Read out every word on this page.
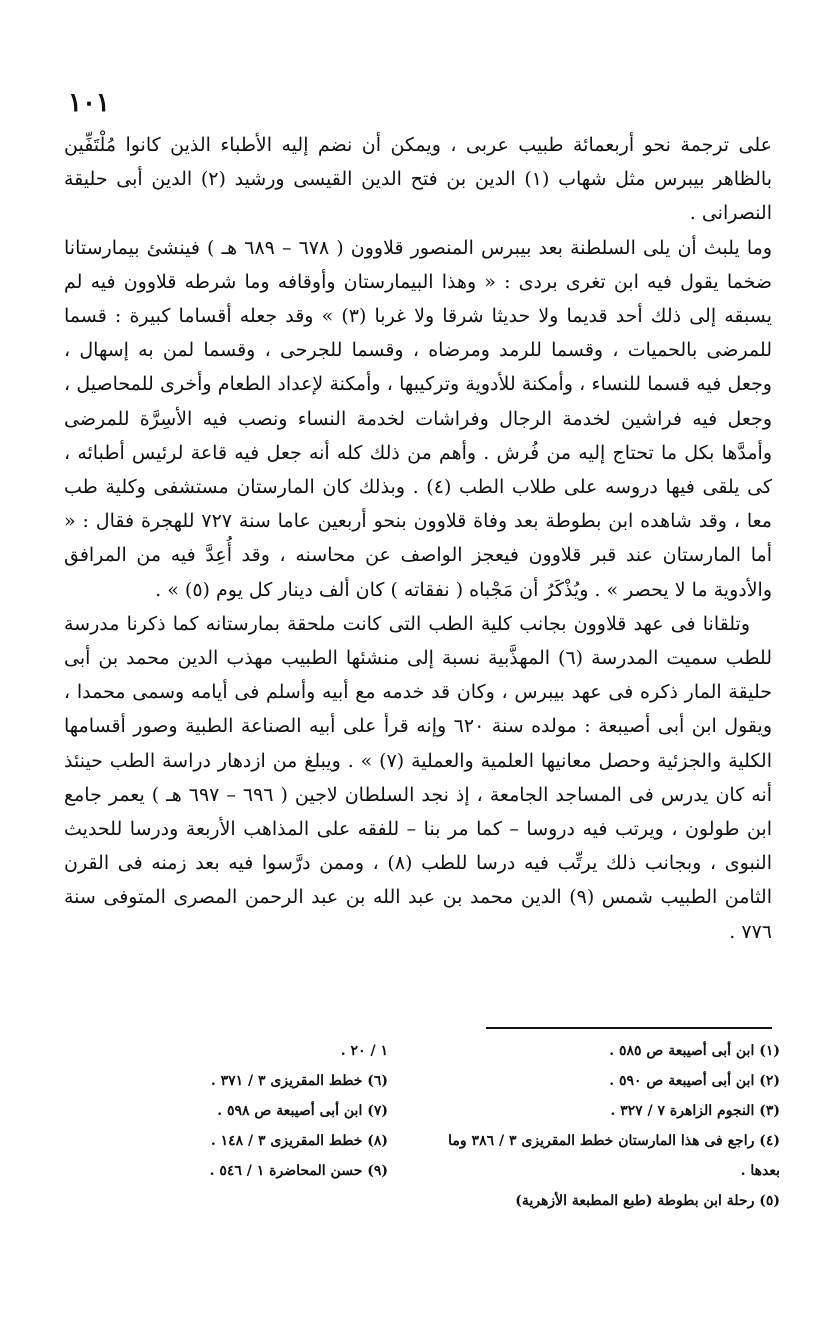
١٠١

على ترجمة نحو أربعمائة طبيب عربى ، ويمكن أن نضم إليه الأطباء الذين كانوا مُلْتَفِّين بالظاهر بيبرس مثل شهاب (١) الدين بن فتح الدين القيسى ورشيد (٢) الدين أبى حليقة النصرانى .

وما يلبث أن يلى السلطنة بعد بيبرس المنصور قلاوون ( ٦٧٨ – ٦٨٩ هـ ) فينشئ بيمارستانا ضخما يقول فيه ابن تغرى بردى : « وهذا البيمارستان وأوقافه وما شرطه قلاوون فيه لم يسبقه إلى ذلك أحد قديما ولا حديثا شرقا ولا غربا (٣) » وقد جعله أقساما كبيرة : قسما للمرضى بالحميات ، وقسما للرمد ومرضاه ، وقسما للجرحى ، وقسما لمن به إسهال ، وجعل فيه قسما للنساء ، وأمكنة للأدوية وتركيبها ، وأمكنة لإعداد الطعام وأخرى للمحاصيل ، وجعل فيه فراشين لخدمة الرجال وفراشات لخدمة النساء ونصب فيه الأسِرَّة للمرضى وأمدَّها بكل ما تحتاج إليه من فُرش . وأهم من ذلك كله أنه جعل فيه قاعة لرئيس أطبائه ، كى يلقى فيها دروسه على طلاب الطب (٤) . وبذلك كان المارستان مستشفى وكلية طب معا ، وقد شاهده ابن بطوطة بعد وفاة قلاوون بنحو أربعين عاما سنة ٧٢٧ للهجرة فقال : « أما المارستان عند قبر قلاوون فيعجز الواصف عن محاسنه ، وقد أُعِدَّ فيه من المرافق والأدوية ما لا يحصر » . ويُذْكَرُ أن مَجْباه ( نفقاته ) كان ألف دينار كل يوم (٥) » .

وتلقانا فى عهد قلاوون بجانب كلية الطب التى كانت ملحقة بمارستانه كما ذكرنا مدرسة للطب سميت المدرسة (٦) المهذَّبية نسبة إلى منشئها الطبيب مهذب الدين محمد بن أبى حليقة المار ذكره فى عهد بيبرس ، وكان قد خدمه مع أبيه وأسلم فى أيامه وسمى محمدا ، ويقول ابن أبى أصيبعة : مولده سنة ٦٢٠ وإنه قرأ على أبيه الصناعة الطبية وصور أقسامها الكلية والجزئية وحصل معانيها العلمية والعملية (٧) » . ويبلغ من ازدهار دراسة الطب حينئذ أنه كان يدرس فى المساجد الجامعة ، إذ نجد السلطان لاجين ( ٦٩٦ – ٦٩٧ هـ ) يعمر جامع ابن طولون ، ويرتب فيه دروسا – كما مر بنا – للفقه على المذاهب الأربعة ودرسا للحديث النبوى ، وبجانب ذلك يرتِّب فيه درسا للطب (٨) ، وممن درَّسوا فيه بعد زمنه فى القرن الثامن الطبيب شمس (٩) الدين محمد بن عبد الله بن عبد الرحمن المصرى المتوفى سنة ٧٧٦ .

(١) ابن أبى أصيبعة ص ٥٨٥ .
(٢) ابن أبى أصيبعة ص ٥٩٠ .
(٣) النجوم الزاهرة ٧ / ٣٢٧ .
(٤) راجع فى هذا المارستان خطط المقريزى ٣ / ٣٨٦ وما بعدها .
(٥) رحلة ابن بطوطة (طبع المطبعة الأزهرية)
١ / ٢٠ .
(٦) خطط المقريزى ٣ / ٣٧١ .
(٧) ابن أبى أصيبعة ص ٥٩٨ .
(٨) خطط المقريزى ٣ / ١٤٨ .
(٩) حسن المحاضرة ١ / ٥٤٦ .
